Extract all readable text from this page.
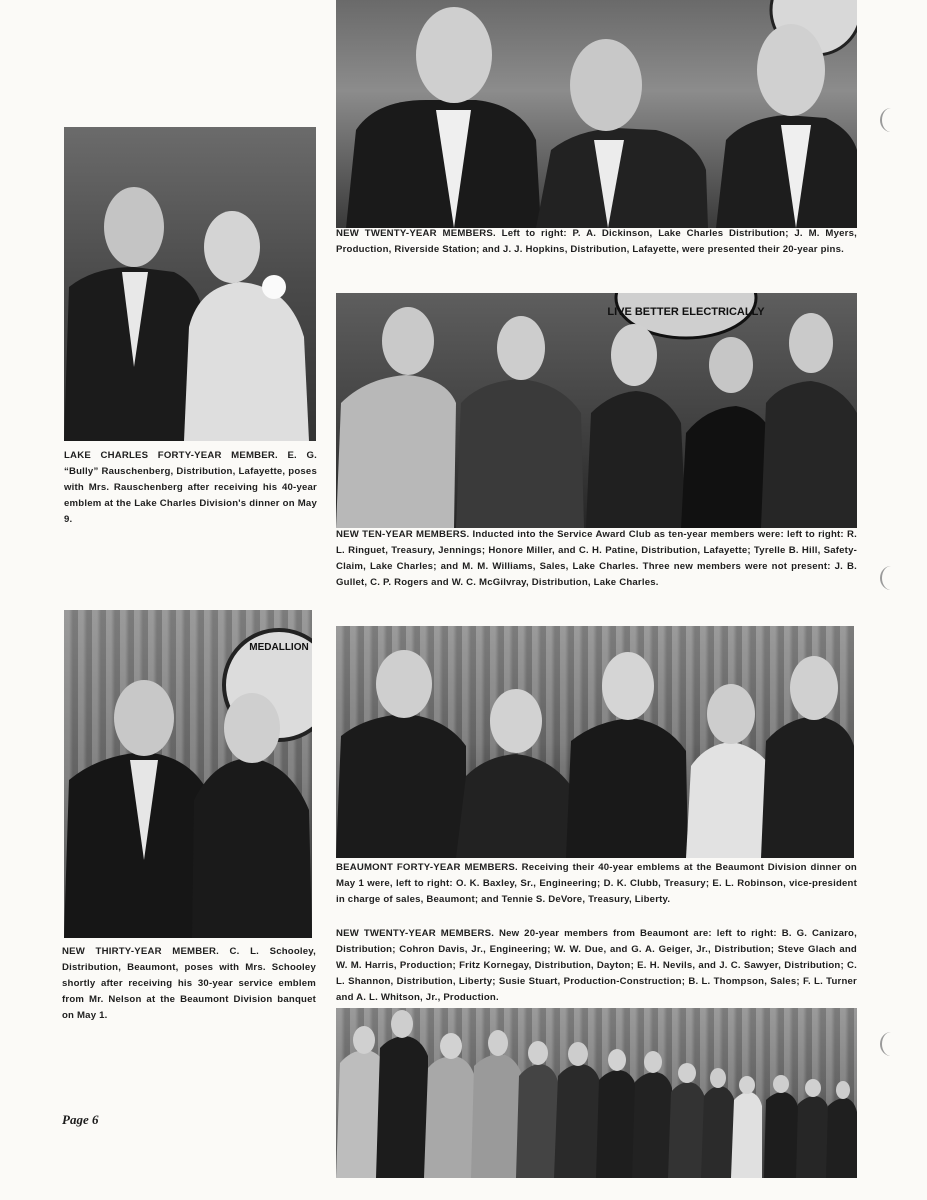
NEW TWENTY-YEAR MEMBERS. Left to right: P. A. Dickinson, Lake Charles Distribution; J. M. Myers, Production, Riverside Station; and J. J. Hopkins, Distribution, Lafayette, were presented their 20-year pins.
LAKE CHARLES FORTY-YEAR MEMBER. E. G. “Bully” Rauschenberg, Distribution, Lafayette, poses with Mrs. Rauschenberg after receiving his 40-year emblem at the Lake Charles Division's dinner on May 9.
LIVE BETTER ELECTRICALLY
NEW TEN-YEAR MEMBERS. Inducted into the Service Award Club as ten-year members were: left to right: R. L. Ringuet, Treasury, Jennings; Honore Miller, and C. H. Patine, Distribution, Lafayette; Tyrelle B. Hill, Safety-Claim, Lake Charles; and M. M. Williams, Sales, Lake Charles. Three new members were not present: J. B. Gullet, C. P. Rogers and W. C. McGilvray, Distribution, Lake Charles.
MEDALLION
NEW THIRTY-YEAR MEMBER. C. L. Schooley, Distribution, Beaumont, poses with Mrs. Schooley shortly after receiving his 30-year service emblem from Mr. Nelson at the Beaumont Division banquet on May 1.
BEAUMONT FORTY-YEAR MEMBERS. Receiving their 40-year emblems at the Beaumont Division dinner on May 1 were, left to right: O. K. Baxley, Sr., Engineering; D. K. Clubb, Treasury; E. L. Robinson, vice-president in charge of sales, Beaumont; and Tennie S. DeVore, Treasury, Liberty.
NEW TWENTY-YEAR MEMBERS. New 20-year members from Beaumont are: left to right: B. G. Canizaro, Distribution; Cohron Davis, Jr., Engineering; W. W. Due, and G. A. Geiger, Jr., Distribution; Steve Glach and W. M. Harris, Production; Fritz Kornegay, Distribution, Dayton; E. H. Nevils, and J. C. Sawyer, Distribution; C. L. Shannon, Distribution, Liberty; Susie Stuart, Production-Construction; B. L. Thompson, Sales; F. L. Turner and A. L. Whitson, Jr., Production.
Page 6
